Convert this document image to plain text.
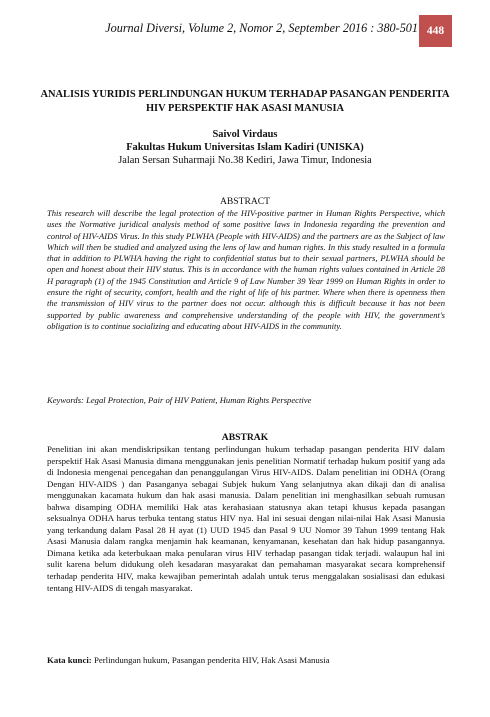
Journal Diversi, Volume 2, Nomor 2, September 2016 : 380-501 448
ANALISIS YURIDIS PERLINDUNGAN HUKUM TERHADAP PASANGAN PENDERITA HIV PERSPEKTIF HAK ASASI MANUSIA
Saivol Virdaus
Fakultas Hukum Universitas Islam Kadiri (UNISKA)
Jalan Sersan Suharmaji No.38 Kediri, Jawa Timur, Indonesia
ABSTRACT
This research will describe the legal protection of the HIV-positive partner in Human Rights Perspective, which uses the Normative juridical analysis method of some positive laws in Indonesia regarding the prevention and control of HIV-AIDS Virus. In this study PLWHA (People with HIV-AIDS) and the partners are as the Subject of law Which will then be studied and analyzed using the lens of law and human rights. In this study resulted in a formula that in addition to PLWHA having the right to confidential status but to their sexual partners, PLWHA should be open and honest about their HIV status. This is in accordance with the human rights values contained in Article 28 H paragraph (1) of the 1945 Constitution and Article 9 of Law Number 39 Year 1999 on Human Rights in order to ensure the right of security, comfort, health and the right of life of his partner. Where when there is openness then the transmission of HIV virus to the partner does not occur. although this is difficult because it has not been supported by public awareness and comprehensive understanding of the people with HIV, the government's obligation is to continue socializing and educating about HIV-AIDS in the community.
Keywords: Legal Protection, Pair of HIV Patient, Human Rights Perspective
ABSTRAK
Penelitian ini akan mendiskripsikan tentang perlindungan hukum terhadap pasangan penderita HIV dalam perspektif Hak Asasi Manusia dimana menggunakan jenis penelitian Normatif terhadap hukum positif yang ada di Indonesia mengenai pencegahan dan penanggulangan Virus HIV-AIDS. Dalam penelitian ini ODHA (Orang Dengan HIV-AIDS ) dan Pasanganya sebagai Subjek hukum Yang selanjutnya akan dikaji dan di analisa menggunakan kacamata hukum dan hak asasi manusia. Dalam penelitian ini menghasilkan sebuah rumusan bahwa disamping ODHA memiliki Hak atas kerahasiaan statusnya akan tetapi khusus kepada pasangan seksualnya ODHA harus terbuka tentang status HIV nya. Hal ini sesuai dengan nilai-nilai Hak Asasi Manusia yang terkandung dalam Pasal 28 H ayat (1) UUD 1945 dan Pasal 9 UU Nomor 39 Tahun 1999 tentang Hak Asasi Manusia dalam rangka menjamin hak keamanan, kenyamanan, kesehatan dan hak hidup pasangannya. Dimana ketika ada keterbukaan maka penularan virus HIV terhadap pasangan tidak terjadi. walaupun hal ini sulit karena belum didukung oleh kesadaran masyarakat dan pemahaman masyarakat secara komprehensif terhadap penderita HIV, maka kewajiban pemerintah adalah untuk terus menggalakan sosialisasi dan edukasi tentang HIV-AIDS di tengah masyarakat.
Kata kunci: Perlindungan hukum, Pasangan penderita HIV, Hak Asasi Manusia
